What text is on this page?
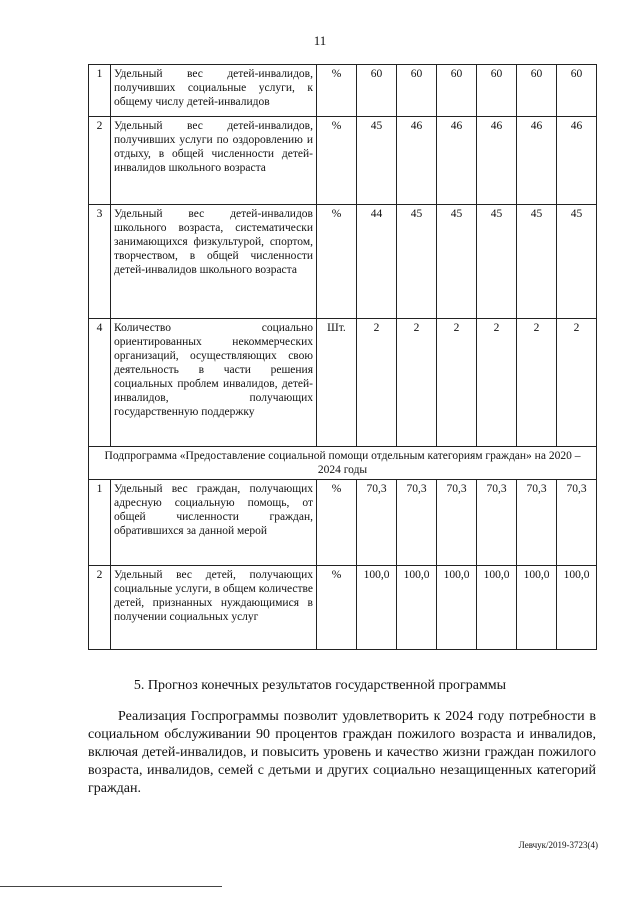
11
1	Удельный вес детей-инвалидов, получивших социальные услуги, к общему числу детей-инвалидов	%	60	60	60	60	60	60
2	Удельный вес детей-инвалидов, получивших услуги по оздоровлению и отдыху, в общей численности детей-инвалидов школьного возраста	%	45	46	46	46	46	46
3	Удельный вес детей-инвалидов школьного возраста, систематически занимающихся физкультурой, спортом, творчеством, в общей численности детей-инвалидов школьного возраста	%	44	45	45	45	45	45
4	Количество социально ориентированных некоммерческих организаций, осуществляющих свою деятельность в части решения социальных проблем инвалидов, детей-инвалидов, получающих государственную поддержку	Шт.	2	2	2	2	2	2
Подпрограмма «Предоставление социальной помощи отдельным категориям граждан» на 2020 – 2024 годы								
1	Удельный вес граждан, получающих адресную социальную помощь, от общей численности граждан, обратившихся за данной мерой	%	70,3	70,3	70,3	70,3	70,3	70,3
2	Удельный вес детей, получающих социальные услуги, в общем количестве детей, признанных нуждающимися в получении социальных услуг	%	100,0	100,0	100,0	100,0	100,0	100,0
5. Прогноз конечных результатов государственной программы
Реализация Госпрограммы позволит удовлетворить к 2024 году потребности в социальном обслуживании 90 процентов граждан пожилого возраста и инвалидов, включая детей-инвалидов, и повысить уровень и качество жизни граждан пожилого возраста, инвалидов, семей с детьми и других социально незащищенных категорий граждан.
Левчук/2019-3723(4)
